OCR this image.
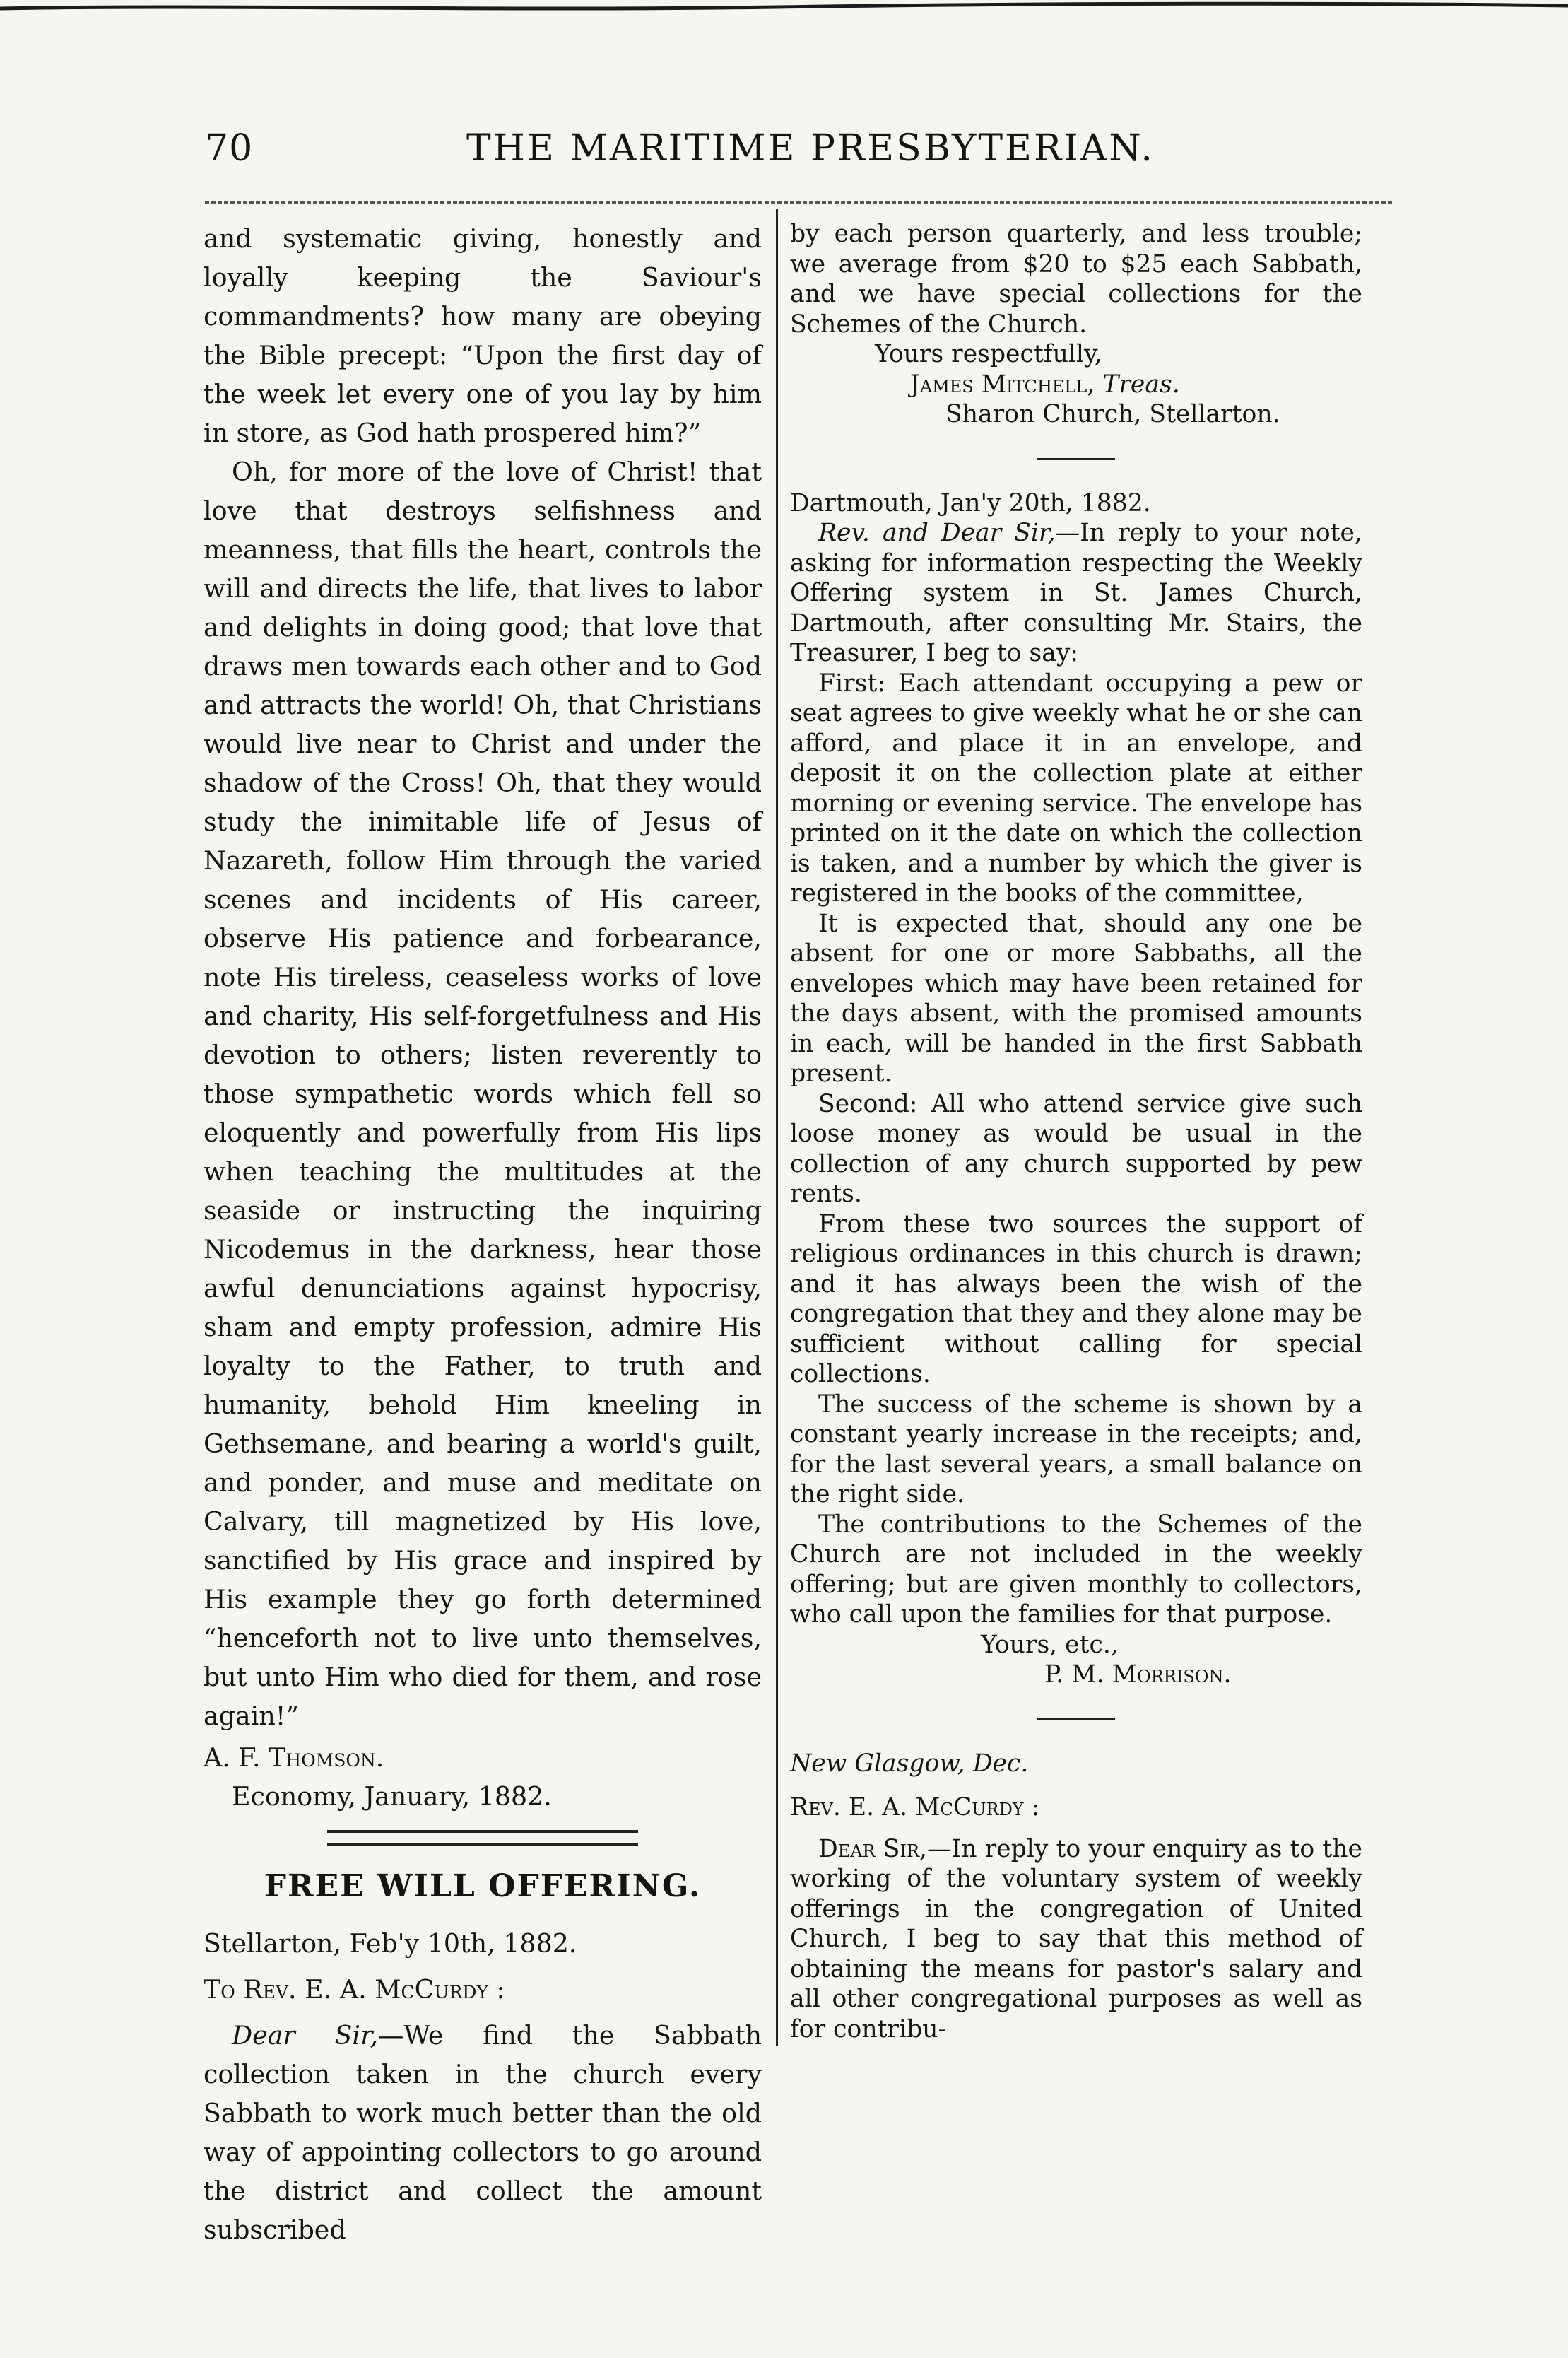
70	THE MARITIME PRESBYTERIAN.

and systematic giving, honestly and loyally keeping the Saviour's commandments? how many are obeying the Bible precept: “Upon the first day of the week let every one of you lay by him in store, as God hath prospered him?”

Oh, for more of the love of Christ! that love that destroys selfishness and meanness, that fills the heart, controls the will and directs the life, that lives to labor and delights in doing good; that love that draws men towards each other and to God and attracts the world! Oh, that Christians would live near to Christ and under the shadow of the Cross! Oh, that they would study the inimitable life of Jesus of Nazareth, follow Him through the varied scenes and incidents of His career, observe His patience and forbearance, note His tireless, ceaseless works of love and charity, His self-forgetfulness and His devotion to others; listen reverently to those sympathetic words which fell so eloquently and powerfully from His lips when teaching the multitudes at the seaside or instructing the inquiring Nicodemus in the darkness, hear those awful denunciations against hypocrisy, sham and empty profession, admire His loyalty to the Father, to truth and humanity, behold Him kneeling in Gethsemane, and bearing a world's guilt, and ponder, and muse and meditate on Calvary, till magnetized by His love, sanctified by His grace and inspired by His example they go forth determined “henceforth not to live unto themselves, but unto Him who died for them, and rose again!”

A. F. Thomson.

Economy, January, 1882.

FREE WILL OFFERING.

Stellarton, Feb'y 10th, 1882.

To Rev. E. A. McCurdy :

Dear Sir,—We find the Sabbath collection taken in the church every Sabbath to work much better than the old way of appointing collectors to go around the district and collect the amount subscribed

by each person quarterly, and less trouble; we average from $20 to $25 each Sabbath, and we have special collections for the Schemes of the Church.

Yours respectfully,

James Mitchell, Treas.

Sharon Church, Stellarton.

Dartmouth, Jan'y 20th, 1882.

Rev. and Dear Sir,—In reply to your note, asking for information respecting the Weekly Offering system in St. James Church, Dartmouth, after consulting Mr. Stairs, the Treasurer, I beg to say:

First: Each attendant occupying a pew or seat agrees to give weekly what he or she can afford, and place it in an envelope, and deposit it on the collection plate at either morning or evening service. The envelope has printed on it the date on which the collection is taken, and a number by which the giver is registered in the books of the committee,

It is expected that, should any one be absent for one or more Sabbaths, all the envelopes which may have been retained for the days absent, with the promised amounts in each, will be handed in the first Sabbath present.

Second: All who attend service give such loose money as would be usual in the collection of any church supported by pew rents.

From these two sources the support of religious ordinances in this church is drawn; and it has always been the wish of the congregation that they and they alone may be sufficient without calling for special collections.

The success of the scheme is shown by a constant yearly increase in the receipts; and, for the last several years, a small balance on the right side.

The contributions to the Schemes of the Church are not included in the weekly offering; but are given monthly to collectors, who call upon the families for that purpose.

Yours, etc.,

P. M. Morrison.

New Glasgow, Dec.

Rev. E. A. McCurdy :

Dear Sir,—In reply to your enquiry as to the working of the voluntary system of weekly offerings in the congregation of United Church, I beg to say that this method of obtaining the means for pastor's salary and all other congregational purposes as well as for contribu-
